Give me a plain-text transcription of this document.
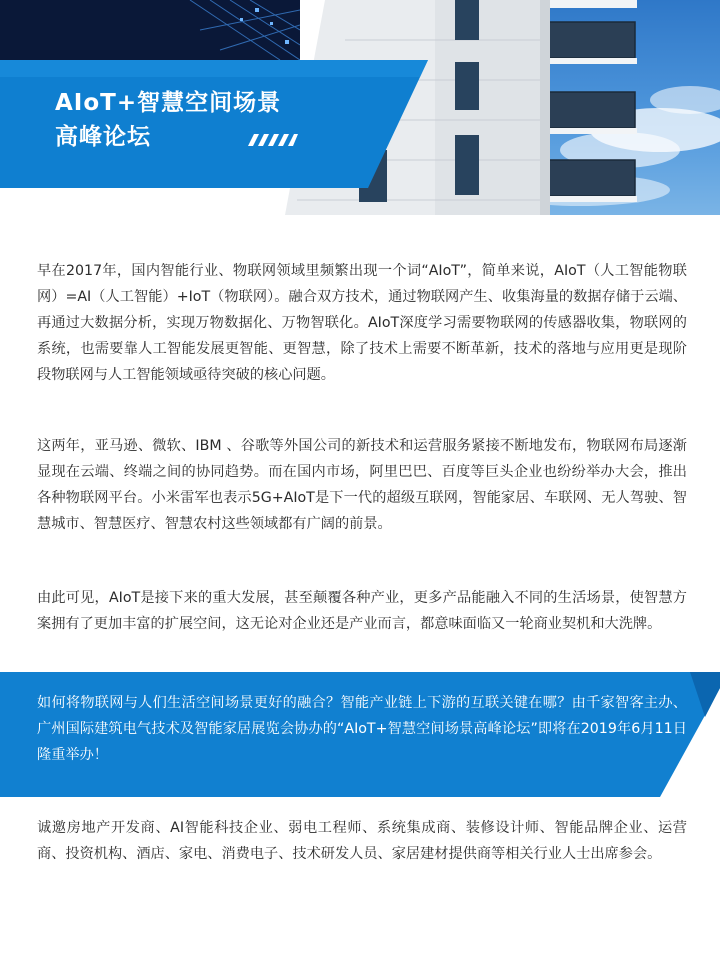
AIoT+智慧空间场景
高峰论坛

早在2017年，国内智能行业、物联网领域里频繁出现一个词“AIoT”，简单来说，AIoT（人工智能物联网）=AI（人工智能）+IoT（物联网）。融合双方技术，通过物联网产生、收集海量的数据存储于云端、再通过大数据分析，实现万物数据化、万物智联化。AIoT深度学习需要物联网的传感器收集，物联网的系统，也需要靠人工智能发展更智能、更智慧，除了技术上需要不断革新，技术的落地与应用更是现阶段物联网与人工智能领域亟待突破的核心问题。

这两年，亚马逊、微软、IBM 、谷歌等外国公司的新技术和运营服务紧接不断地发布，物联网布局逐渐显现在云端、终端之间的协同趋势。而在国内市场，阿里巴巴、百度等巨头企业也纷纷举办大会，推出各种物联网平台。小米雷军也表示5G+AIoT是下一代的超级互联网，智能家居、车联网、无人驾驶、智慧城市、智慧医疗、智慧农村这些领域都有广阔的前景。

由此可见，AIoT是接下来的重大发展，甚至颠覆各种产业，更多产品能融入不同的生活场景，使智慧方案拥有了更加丰富的扩展空间，这无论对企业还是产业而言，都意味面临又一轮商业契机和大洗牌。

如何将物联网与人们生活空间场景更好的融合？智能产业链上下游的互联关键在哪？由千家智客主办、广州国际建筑电气技术及智能家居展览会协办的“AIoT+智慧空间场景高峰论坛”即将在2019年6月11日隆重举办！

诚邀房地产开发商、AI智能科技企业、弱电工程师、系统集成商、装修设计师、智能品牌企业、运营商、投资机构、酒店、家电、消费电子、技术研发人员、家居建材提供商等相关行业人士出席参会。
